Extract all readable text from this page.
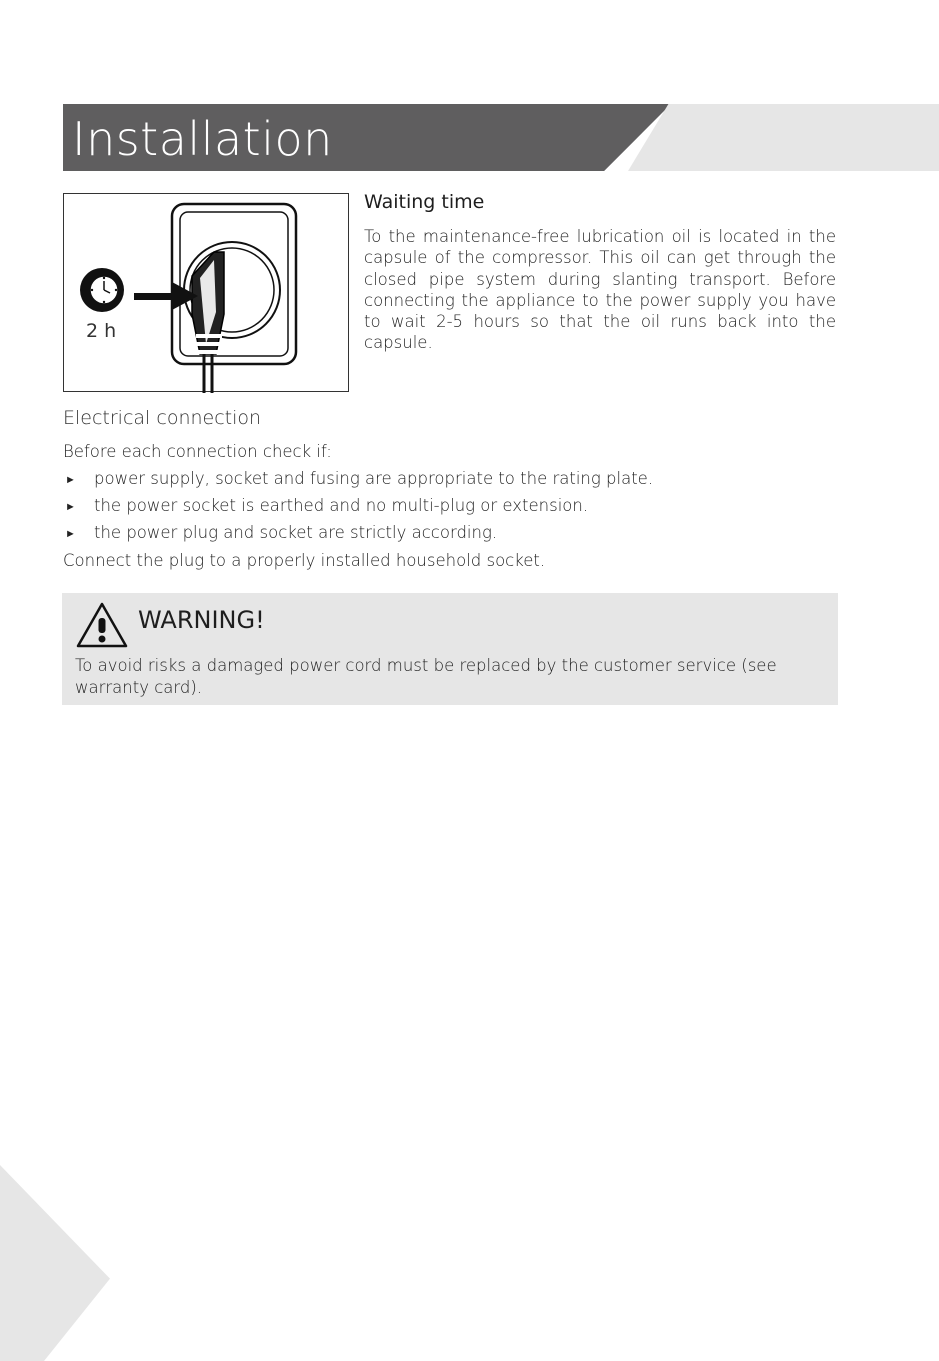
Installation
2 h
Waiting time
To the maintenance-free lubrication oil is located in the capsule of the compressor. This oil can get through the closed pipe system during slanting transport. Before connecting the appliance to the power supply you have to wait 2-5 hours so that the oil runs back into the capsule.
Electrical connection
Before each connection check if:
► power supply, socket and fusing are appropriate to the rating plate.
► the power socket is earthed and no multi-plug or extension.
► the power plug and socket are strictly according.
Connect the plug to a properly installed household socket.
WARNING!
To avoid risks a damaged power cord must be replaced by the customer service (see warranty card).
